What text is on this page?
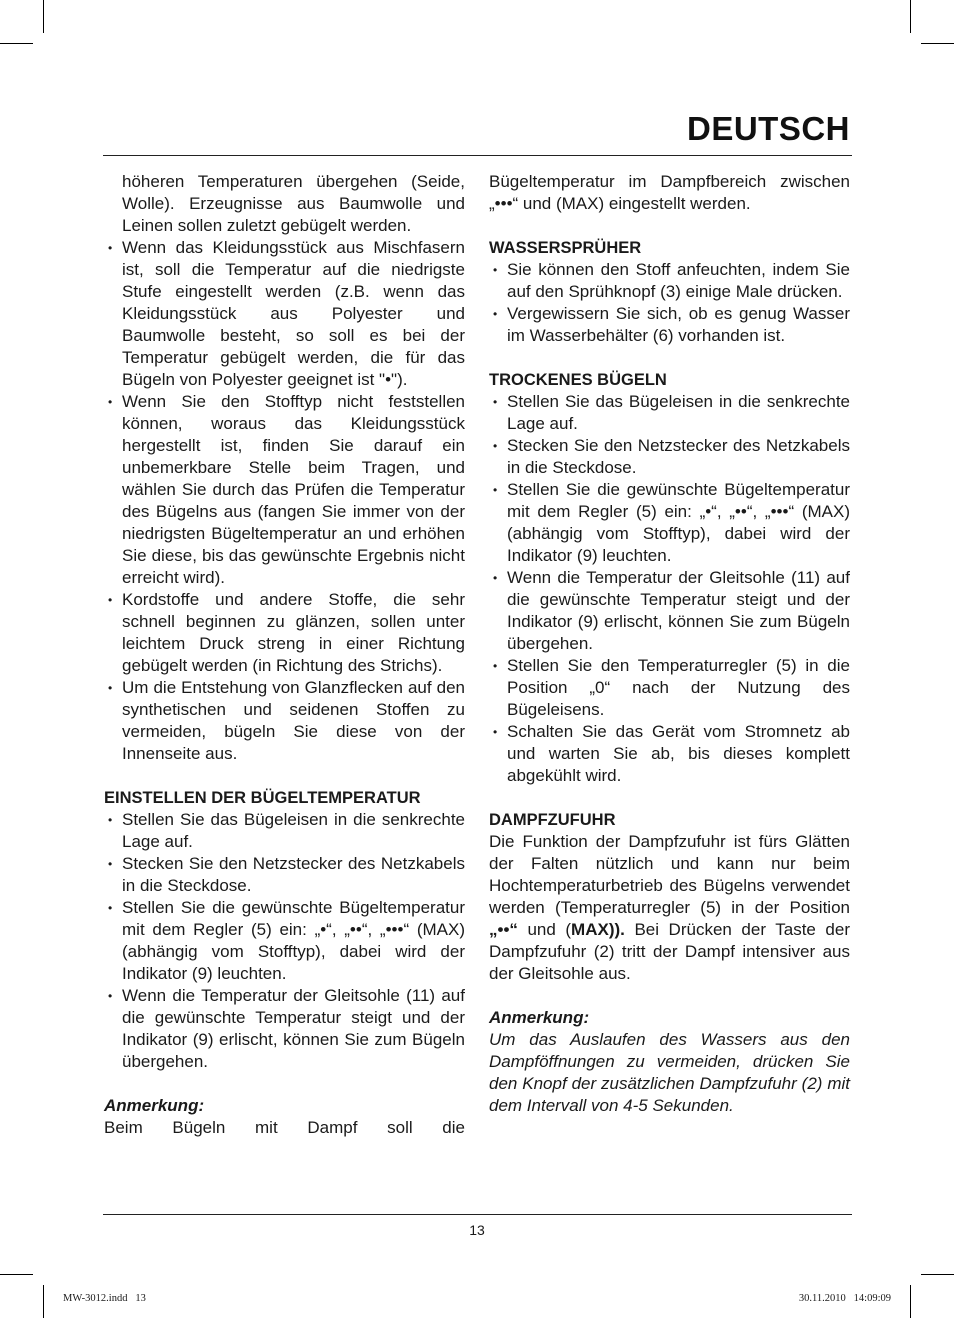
DEUTSCH

höheren Temperaturen übergehen (Seide, Wolle). Erzeugnisse aus Baumwolle und Leinen sollen zuletzt gebügelt werden.

• Wenn das Kleidungsstück aus Mischfasern ist, soll die Temperatur auf die niedrigste Stufe eingestellt werden (z.B. wenn das Kleidungsstück aus Polyester und Baumwolle besteht, so soll es bei der Temperatur gebügelt werden, die für das Bügeln von Polyester geeignet ist "•").
• Wenn Sie den Stofftyp nicht feststellen können, woraus das Kleidungsstück hergestellt ist, finden Sie darauf ein unbemerkbare Stelle beim Tragen, und wählen Sie durch das Prüfen die Temperatur des Bügelns aus (fangen Sie immer von der niedrigsten Bügeltemperatur an und erhöhen Sie diese, bis das gewünschte Ergebnis nicht erreicht wird).
• Kordstoffe und andere Stoffe, die sehr schnell beginnen zu glänzen, sollen unter leichtem Druck streng in einer Richtung gebügelt werden (in Richtung des Strichs).
• Um die Entstehung von Glanzflecken auf den synthetischen und seidenen Stoffen zu vermeiden, bügeln Sie diese von der Innenseite aus.
EINSTELLEN DER BÜGELTEMPERATUR
• Stellen Sie das Bügeleisen in die senkrechte Lage auf.
• Stecken Sie den Netzstecker des Netzkabels in die Steckdose.
• Stellen Sie die gewünschte Bügeltemperatur mit dem Regler (5) ein: „•“, „••“, „•••“ (MAX) (abhängig vom Stofftyp), dabei wird der Indikator (9) leuchten.
• Wenn die Temperatur der Gleitsohle (11) auf die gewünschte Temperatur steigt und der Indikator (9) erlischt, können Sie zum Bügeln übergehen.

Anmerkung:

Beim Bügeln mit Dampf soll die

Bügeltemperatur im Dampfbereich zwischen „•••“ und (MAX) eingestellt werden.

WASSERSPRÜHER
• Sie können den Stoff anfeuchten, indem Sie auf den Sprühknopf (3) einige Male drücken.
• Vergewissern Sie sich, ob es genug Wasser im Wasserbehälter (6) vorhanden ist.
TROCKENES BÜGELN
• Stellen Sie das Bügeleisen in die senkrechte Lage auf.
• Stecken Sie den Netzstecker des Netzkabels in die Steckdose.
• Stellen Sie die gewünschte Bügeltemperatur mit dem Regler (5) ein: „•“, „••“, „•••“ (MAX) (abhängig vom Stofftyp), dabei wird der Indikator (9) leuchten.
• Wenn die Temperatur der Gleitsohle (11) auf die gewünschte Temperatur steigt und der Indikator (9) erlischt, können Sie zum Bügeln übergehen.
• Stellen Sie den Temperaturregler (5) in die Position „0“ nach der Nutzung des Bügeleisens.
• Schalten Sie das Gerät vom Stromnetz ab und warten Sie ab, bis dieses komplett abgekühlt wird.
DAMPFZUFUHR

Die Funktion der Dampfzufuhr ist fürs Glätten der Falten nützlich und kann nur beim Hochtemperaturbetrieb des Bügelns verwendet werden (Temperaturregler (5) in der Position „••“ und (MAX)). Bei Drücken der Taste der Dampfzufuhr (2) tritt der Dampf intensiver aus der Gleitsohle aus.

Anmerkung:

Um das Auslaufen des Wassers aus den Dampföffnungen zu vermeiden, drücken Sie den Knopf der zusätzlichen Dampfzufuhr (2) mit dem Intervall von 4-5 Sekunden.

13
MW-3012.indd   13	30.11.2010   14:09:09
